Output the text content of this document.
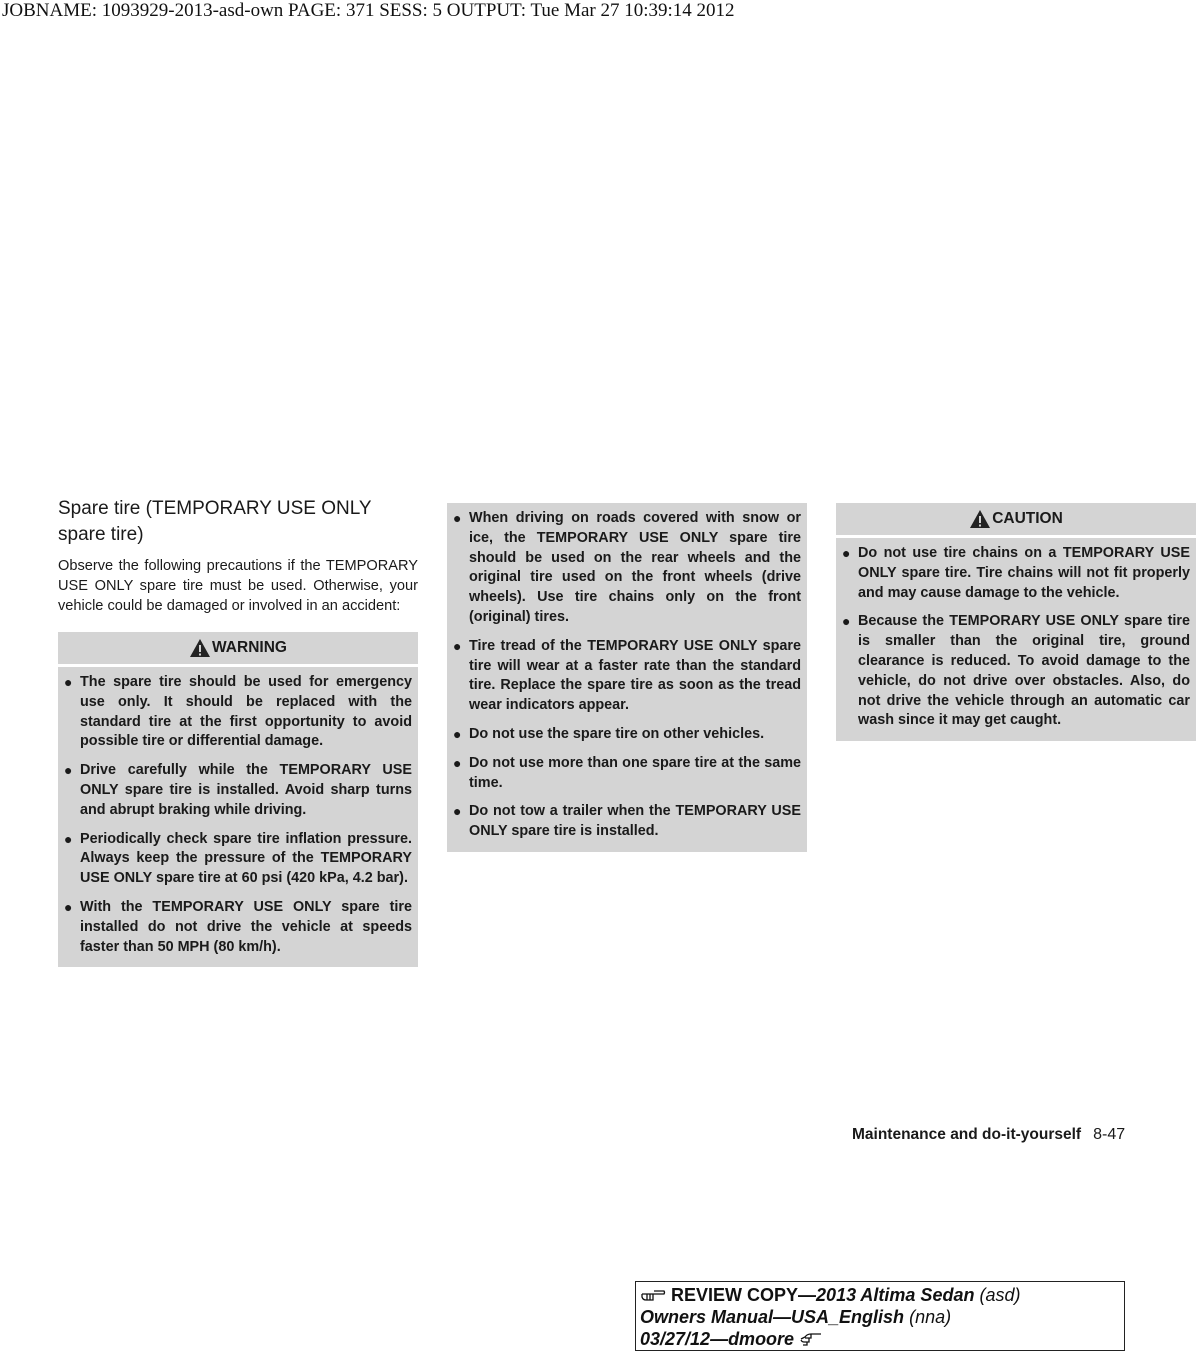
JOBNAME: 1093929-2013-asd-own PAGE: 371 SESS: 5 OUTPUT: Tue Mar 27 10:39:14 2012
Spare tire (TEMPORARY USE ONLY spare tire)

Observe the following precautions if the TEMPORARY USE ONLY spare tire must be used. Otherwise, your vehicle could be damaged or involved in an accident:

WARNING
● The spare tire should be used for emergency use only. It should be replaced with the standard tire at the first opportunity to avoid possible tire or differential damage.
● Drive carefully while the TEMPORARY USE ONLY spare tire is installed. Avoid sharp turns and abrupt braking while driving.
● Periodically check spare tire inflation pressure. Always keep the pressure of the TEMPORARY USE ONLY spare tire at 60 psi (420 kPa, 4.2 bar).
● With the TEMPORARY USE ONLY spare tire installed do not drive the vehicle at speeds faster than 50 MPH (80 km/h).
● When driving on roads covered with snow or ice, the TEMPORARY USE ONLY spare tire should be used on the rear wheels and the original tire used on the front wheels (drive wheels). Use tire chains only on the front (original) tires.
● Tire tread of the TEMPORARY USE ONLY spare tire will wear at a faster rate than the standard tire. Replace the spare tire as soon as the tread wear indicators appear.
● Do not use the spare tire on other vehicles.
● Do not use more than one spare tire at the same time.
● Do not tow a trailer when the TEMPORARY USE ONLY spare tire is installed.
CAUTION
● Do not use tire chains on a TEMPORARY USE ONLY spare tire. Tire chains will not fit properly and may cause damage to the vehicle.
● Because the TEMPORARY USE ONLY spare tire is smaller than the original tire, ground clearance is reduced. To avoid damage to the vehicle, do not drive over obstacles. Also, do not drive the vehicle through an automatic car wash since it may get caught.
Maintenance and do-it-yourself 8-47
REVIEW COPY—2013 Altima Sedan (asd)
Owners Manual—USA_English (nna)
03/27/12—dmoore
